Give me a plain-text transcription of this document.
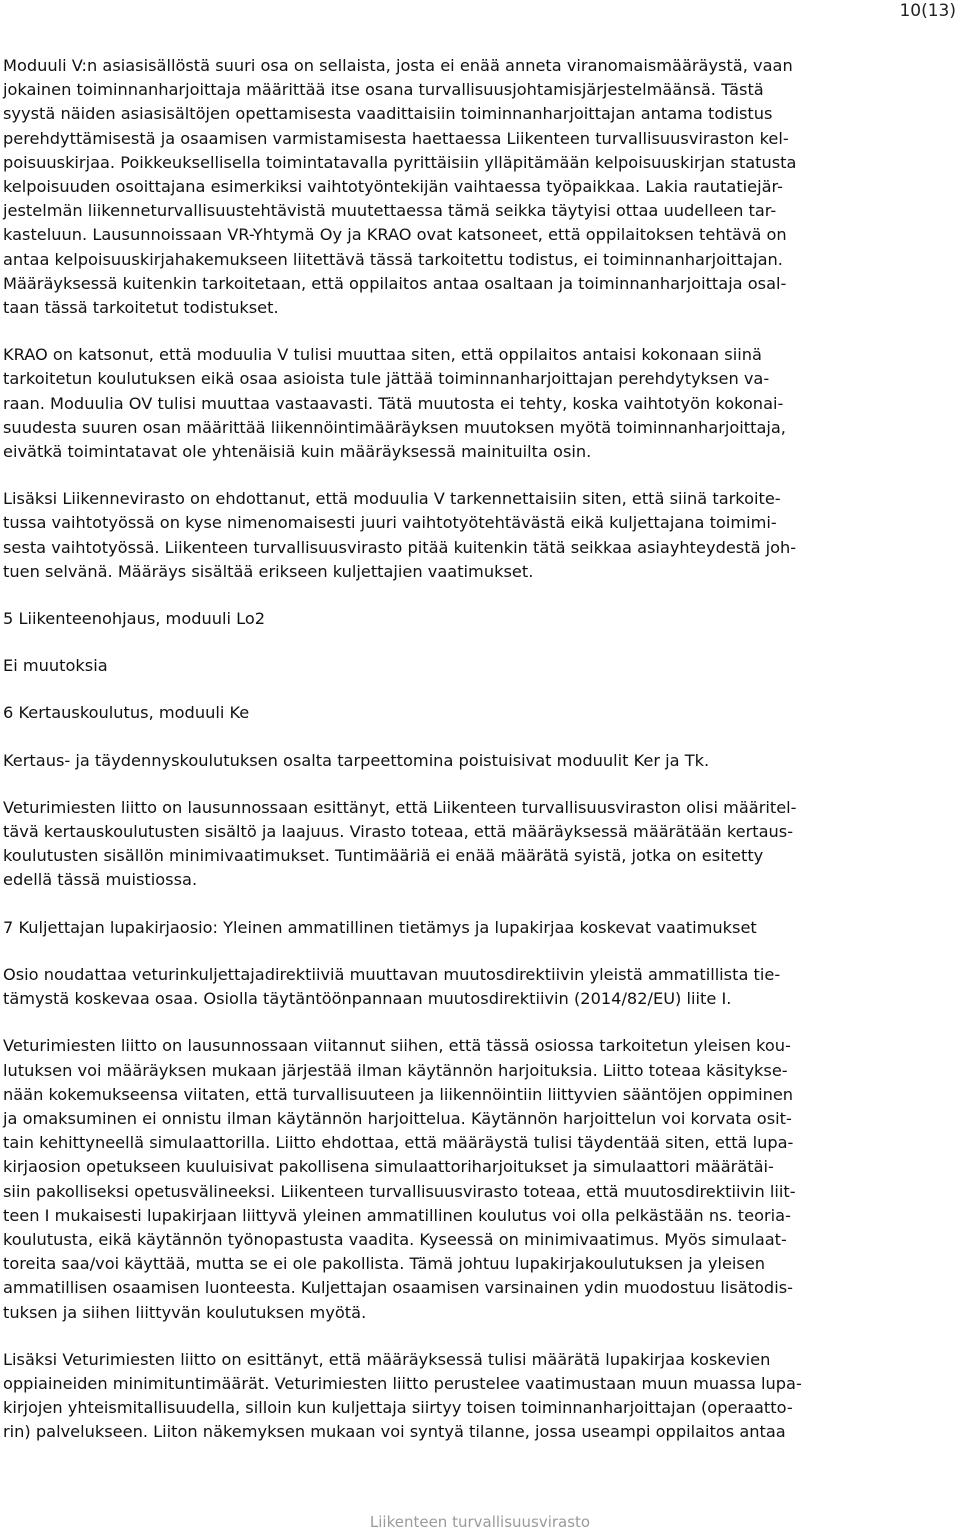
10(13)

Moduuli V:n asiasisällöstä suuri osa on sellaista, josta ei enää anneta viranomaismääräystä, vaan
jokainen toiminnanharjoittaja määrittää itse osana turvallisuusjohtamisjärjestelmäänsä. Tästä
syystä näiden asiasisältöjen opettamisesta vaadittaisiin toiminnanharjoittajan antama todistus
perehdyttämisestä ja osaamisen varmistamisesta haettaessa Liikenteen turvallisuusviraston kel-
poisuuskirjaa. Poikkeuksellisella toimintatavalla pyrittäisiin ylläpitämään kelpoisuuskirjan statusta
kelpoisuuden osoittajana esimerkiksi vaihtotyöntekijän vaihtaessa työpaikkaa. Lakia rautatiejär-
jestelmän liikenneturvallisuustehtävistä muutettaessa tämä seikka täytyisi ottaa uudelleen tar-
kasteluun. Lausunnoissaan VR-Yhtymä Oy ja KRAO ovat katsoneet, että oppilaitoksen tehtävä on
antaa kelpoisuuskirjahakemukseen liitettävä tässä tarkoitettu todistus, ei toiminnanharjoittajan.
Määräyksessä kuitenkin tarkoitetaan, että oppilaitos antaa osaltaan ja toiminnanharjoittaja osal-
taan tässä tarkoitetut todistukset.

KRAO on katsonut, että moduulia V tulisi muuttaa siten, että oppilaitos antaisi kokonaan siinä
tarkoitetun koulutuksen eikä osaa asioista tule jättää toiminnanharjoittajan perehdytyksen va-
raan. Moduulia OV tulisi muuttaa vastaavasti. Tätä muutosta ei tehty, koska vaihtotyön kokonai-
suudesta suuren osan määrittää liikennöintimääräyksen muutoksen myötä toiminnanharjoittaja,
eivätkä toimintatavat ole yhtenäisiä kuin määräyksessä mainituilta osin.

Lisäksi Liikennevirasto on ehdottanut, että moduulia V tarkennettaisiin siten, että siinä tarkoite-
tussa vaihtotyössä on kyse nimenomaisesti juuri vaihtotyötehtävästä eikä kuljettajana toimimi-
sesta vaihtotyössä. Liikenteen turvallisuusvirasto pitää kuitenkin tätä seikkaa asiayhteydestä joh-
tuen selvänä. Määräys sisältää erikseen kuljettajien vaatimukset.

5 Liikenteenohjaus, moduuli Lo2

Ei muutoksia

6 Kertauskoulutus, moduuli Ke

Kertaus- ja täydennyskoulutuksen osalta tarpeettomina poistuisivat moduulit Ker ja Tk.

Veturimiesten liitto on lausunnossaan esittänyt, että Liikenteen turvallisuusviraston olisi määritel-
tävä kertauskoulutusten sisältö ja laajuus. Virasto toteaa, että määräyksessä määrätään kertaus-
koulutusten sisällön minimivaatimukset. Tuntimääriä ei enää määrätä syistä, jotka on esitetty
edellä tässä muistiossa.

7 Kuljettajan lupakirjaosio: Yleinen ammatillinen tietämys ja lupakirjaa koskevat vaatimukset

Osio noudattaa veturinkuljettajadirektiiviä muuttavan muutosdirektiivin yleistä ammatillista tie-
tämystä koskevaa osaa. Osiolla täytäntöönpannaan muutosdirektiivin (2014/82/EU) liite I.

Veturimiesten liitto on lausunnossaan viitannut siihen, että tässä osiossa tarkoitetun yleisen kou-
lutuksen voi määräyksen mukaan järjestää ilman käytännön harjoituksia. Liitto toteaa käsitykse-
nään kokemukseensa viitaten, että turvallisuuteen ja liikennöintiin liittyvien sääntöjen oppiminen
ja omaksuminen ei onnistu ilman käytännön harjoittelua. Käytännön harjoittelun voi korvata osit-
tain kehittyneellä simulaattorilla. Liitto ehdottaa, että määräystä tulisi täydentää siten, että lupa-
kirjaosion opetukseen kuuluisivat pakollisena simulaattoriharjoitukset ja simulaattori määrätäi-
siin pakolliseksi opetusvälineeksi. Liikenteen turvallisuusvirasto toteaa, että muutosdirektiivin liit-
teen I mukaisesti lupakirjaan liittyvä yleinen ammatillinen koulutus voi olla pelkästään ns. teoria-
koulutusta, eikä käytännön työnopastusta vaadita. Kyseessä on minimivaatimus. Myös simulaat-
toreita saa/voi käyttää, mutta se ei ole pakollista. Tämä johtuu lupakirjakoulutuksen ja yleisen
ammatillisen osaamisen luonteesta. Kuljettajan osaamisen varsinainen ydin muodostuu lisätodis-
tuksen ja siihen liittyvän koulutuksen myötä.

Lisäksi Veturimiesten liitto on esittänyt, että määräyksessä tulisi määrätä lupakirjaa koskevien
oppiaineiden minimituntimäärät. Veturimiesten liitto perustelee vaatimustaan muun muassa lupa-
kirjojen yhteismitallisuudella, silloin kun kuljettaja siirtyy toisen toiminnanharjoittajan (operaatto-
rin) palvelukseen. Liiton näkemyksen mukaan voi syntyä tilanne, jossa useampi oppilaitos antaa

Liikenteen turvallisuusvirasto
